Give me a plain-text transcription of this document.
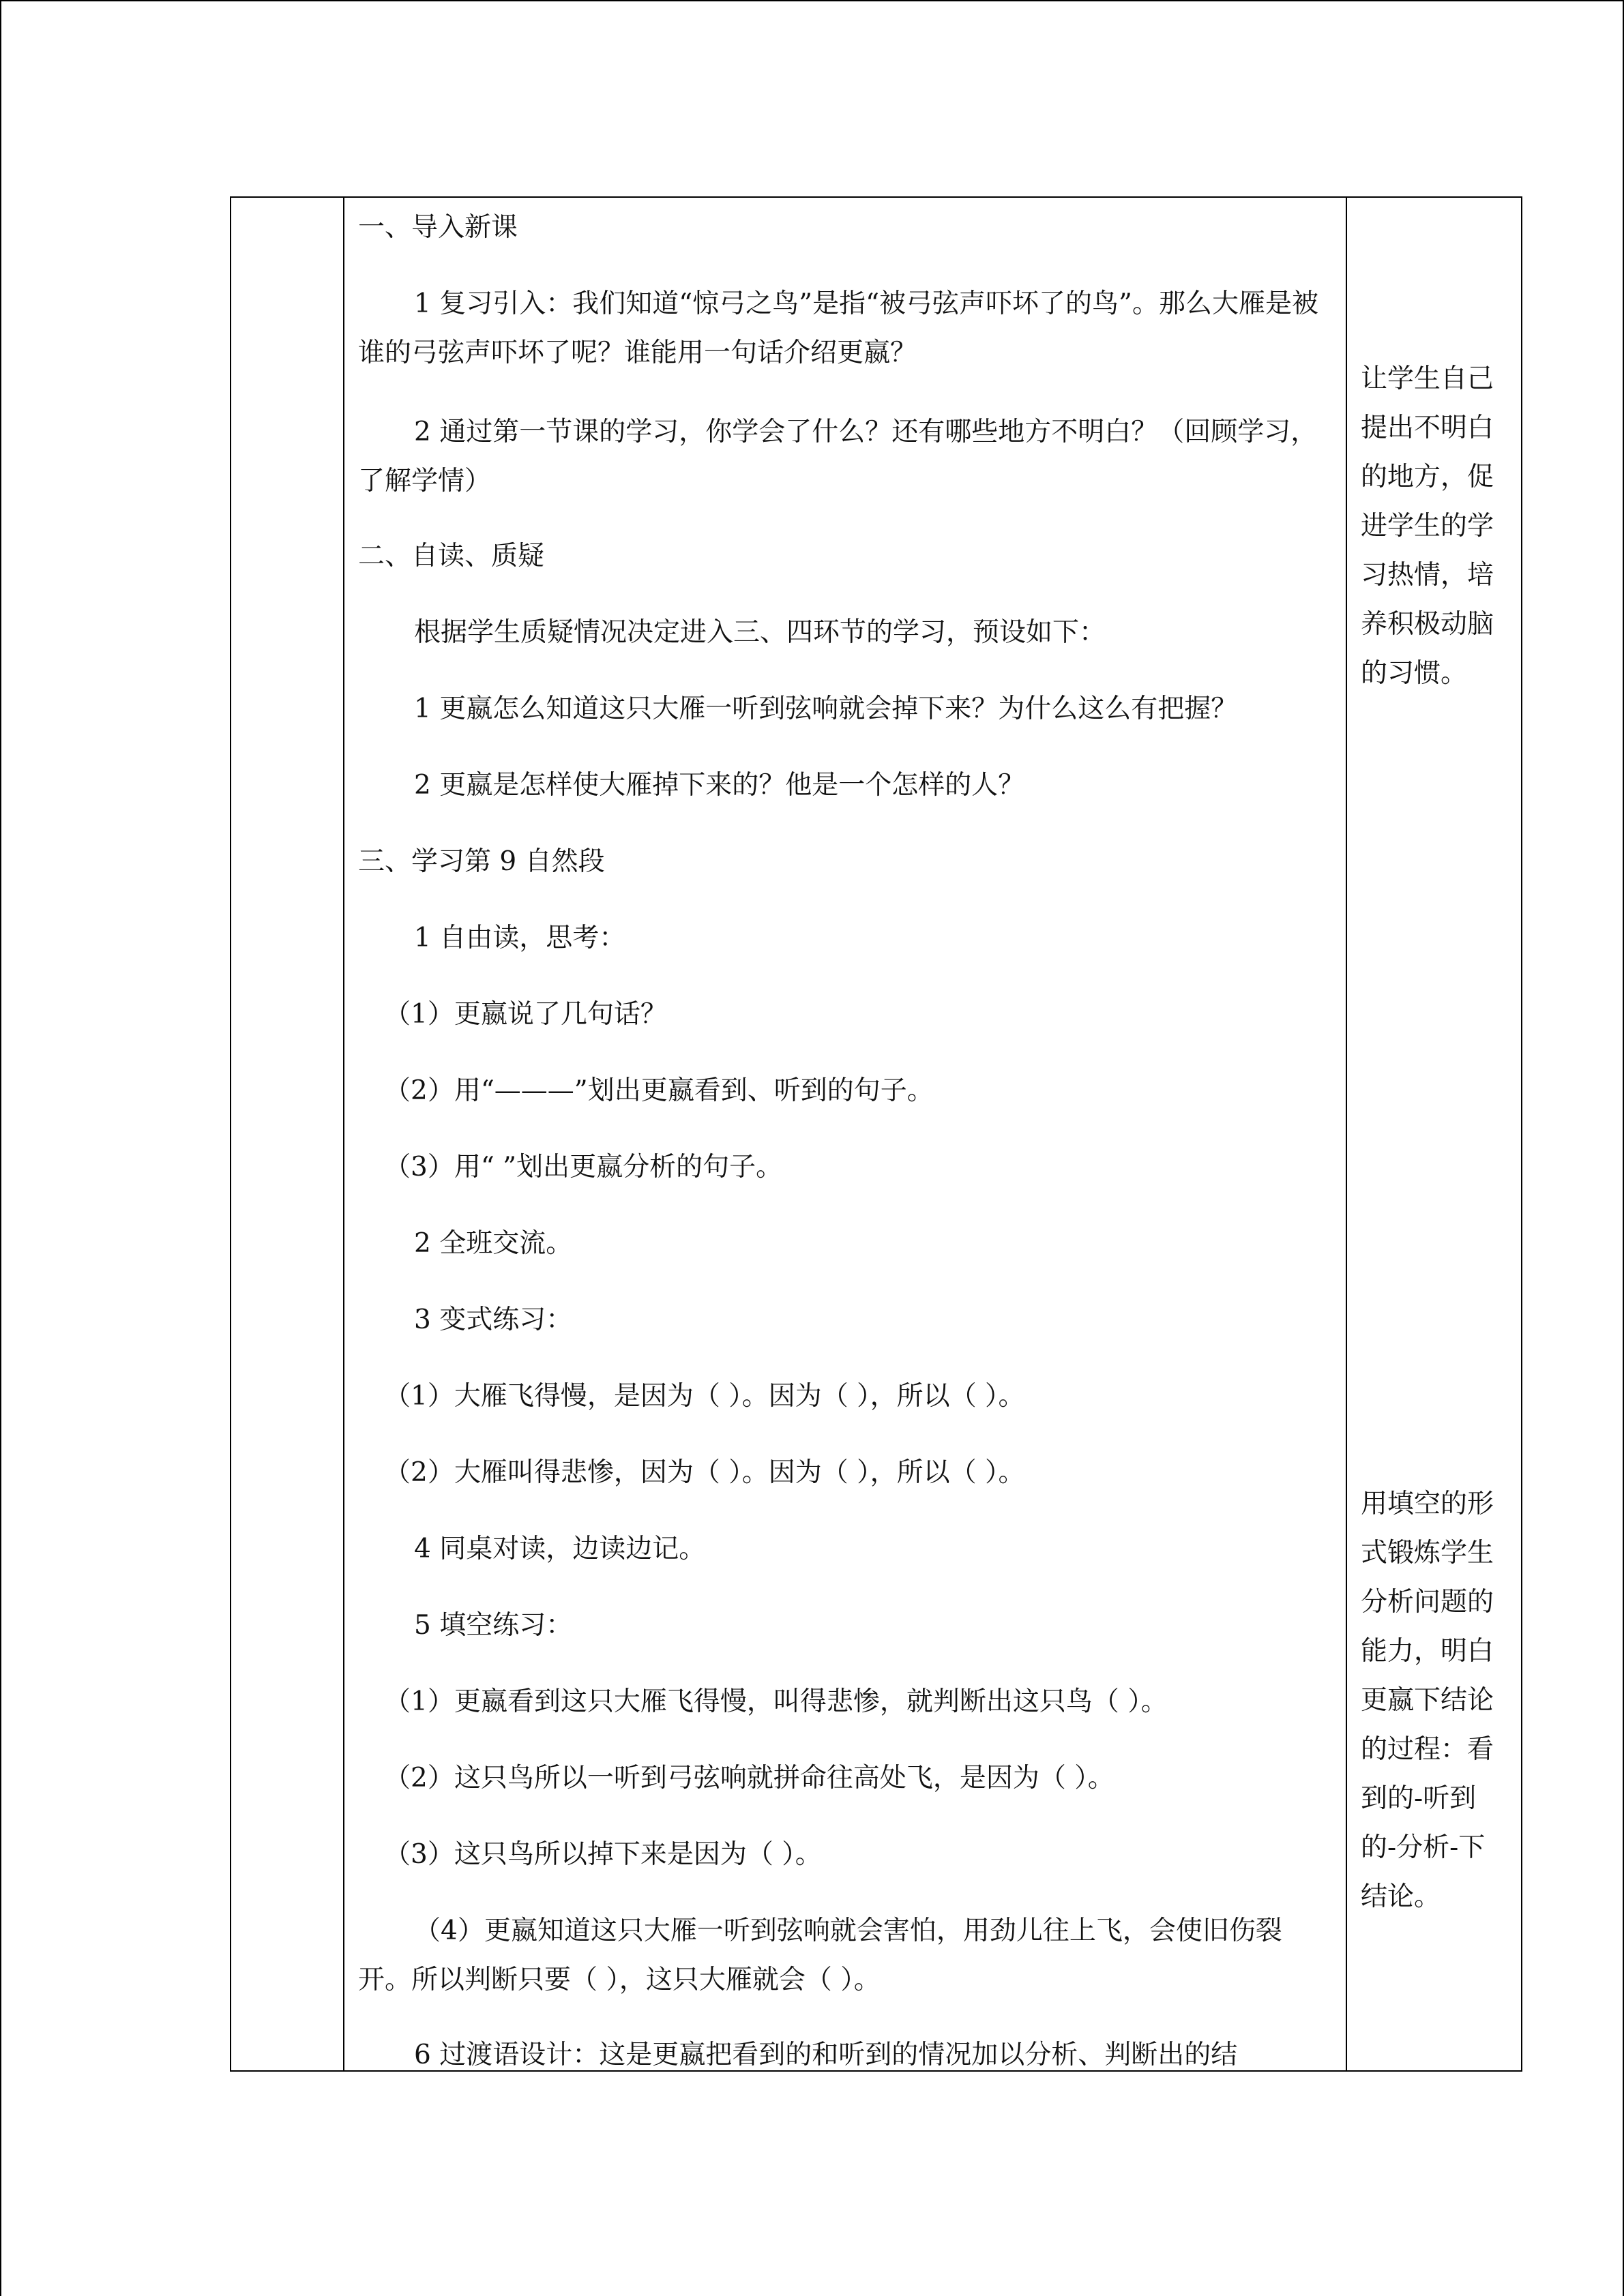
一、导入新课

1 复习引入：我们知道“惊弓之鸟”是指“被弓弦声吓坏了的鸟”。那么大雁是被谁的弓弦声吓坏了呢？谁能用一句话介绍更嬴？

2 通过第一节课的学习，你学会了什么？还有哪些地方不明白？（回顾学习，了解学情）

二、自读、质疑

根据学生质疑情况决定进入三、四环节的学习，预设如下：

1 更嬴怎么知道这只大雁一听到弦响就会掉下来？为什么这么有把握？

2 更嬴是怎样使大雁掉下来的？他是一个怎样的人？

三、学习第 9 自然段

1 自由读，思考：

（1）更嬴说了几句话？

（2）用“———”划出更嬴看到、听到的句子。

（3）用“ ”划出更嬴分析的句子。

2 全班交流。

3 变式练习：

（1）大雁飞得慢，是因为（ ）。因为（ ），所以（ ）。

（2）大雁叫得悲惨，因为（ ）。因为（ ），所以（ ）。

4 同桌对读，边读边记。

5 填空练习：

（1）更嬴看到这只大雁飞得慢，叫得悲惨，就判断出这只鸟（ ）。

（2）这只鸟所以一听到弓弦响就拼命往高处飞，是因为（ ）。

（3）这只鸟所以掉下来是因为（ ）。

（4）更嬴知道这只大雁一听到弦响就会害怕，用劲儿往上飞，会使旧伤裂开。所以判断只要（ ），这只大雁就会（ ）。

6 过渡语设计：这是更嬴把看到的和听到的情况加以分析、判断出的结

让学生自己提出不明白的地方，促进学生的学习热情，培养积极动脑的习惯。

用填空的形式锻炼学生分析问题的能力，明白更嬴下结论的过程：看到的-听到的-分析-下结论。
